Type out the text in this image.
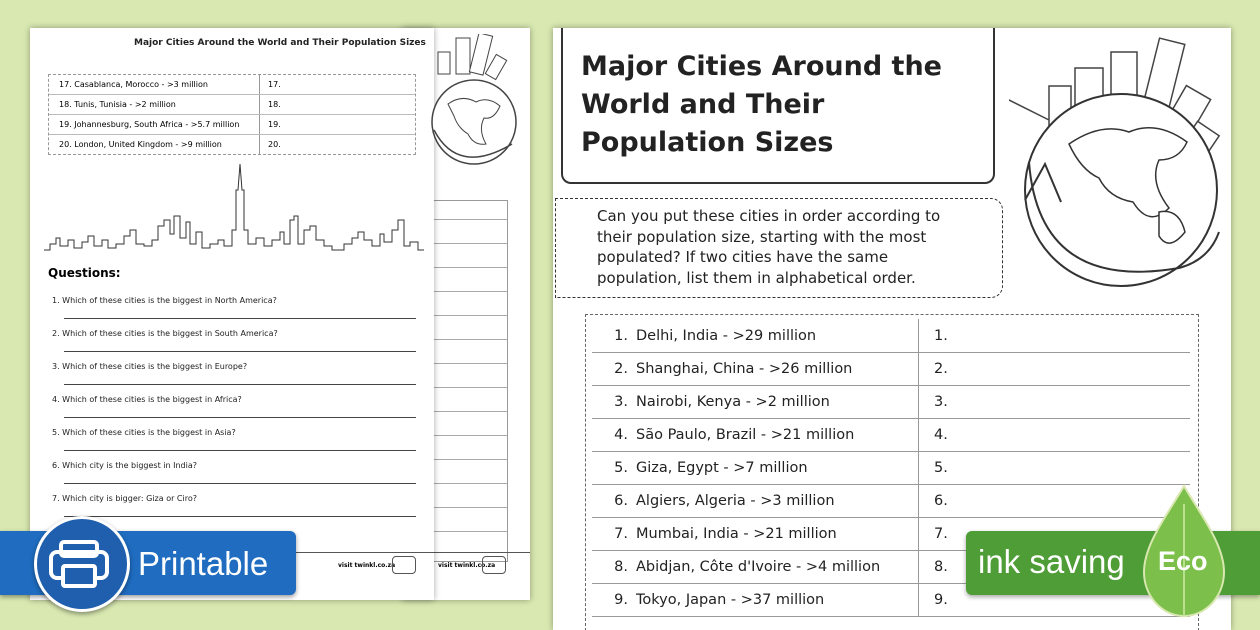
visit twinkl.co.za
Major Cities Around the World and Their Population Sizes
17. Casablanca, Morocco - >3 million	17.
18. Tunis, Tunisia - >2 million	18.
19. Johannesburg, South Africa - >5.7 million	19.
20. London, United Kingdom - >9 million	20.
Questions:
1. Which of these cities is the biggest in North America?
2. Which of these cities is the biggest in South America?
3. Which of these cities is the biggest in Europe?
4. Which of these cities is the biggest in Africa?
5. Which of these cities is the biggest in Asia?
6. Which city is the biggest in India?
7. Which city is bigger: Giza or Ciro?
visit twinkl.co.za
Major Cities Around the World and Their Population Sizes
Can you put these cities in order according to their population size, starting with the most populated? If two cities have the same population, list them in alphabetical order.
1. Delhi, India - >29 million	1.
2. Shanghai, China - >26 million	2.
3. Nairobi, Kenya - >2 million	3.
4. São Paulo, Brazil - >21 million	4.
5. Giza, Egypt - >7 million	5.
6. Algiers, Algeria - >3 million	6.
7. Mumbai, India - >21 million	7.
8. Abidjan, Côte d'Ivoire - >4 million	8.
9. Tokyo, Japan - >37 million	9.
Printable	ink saving Eco
